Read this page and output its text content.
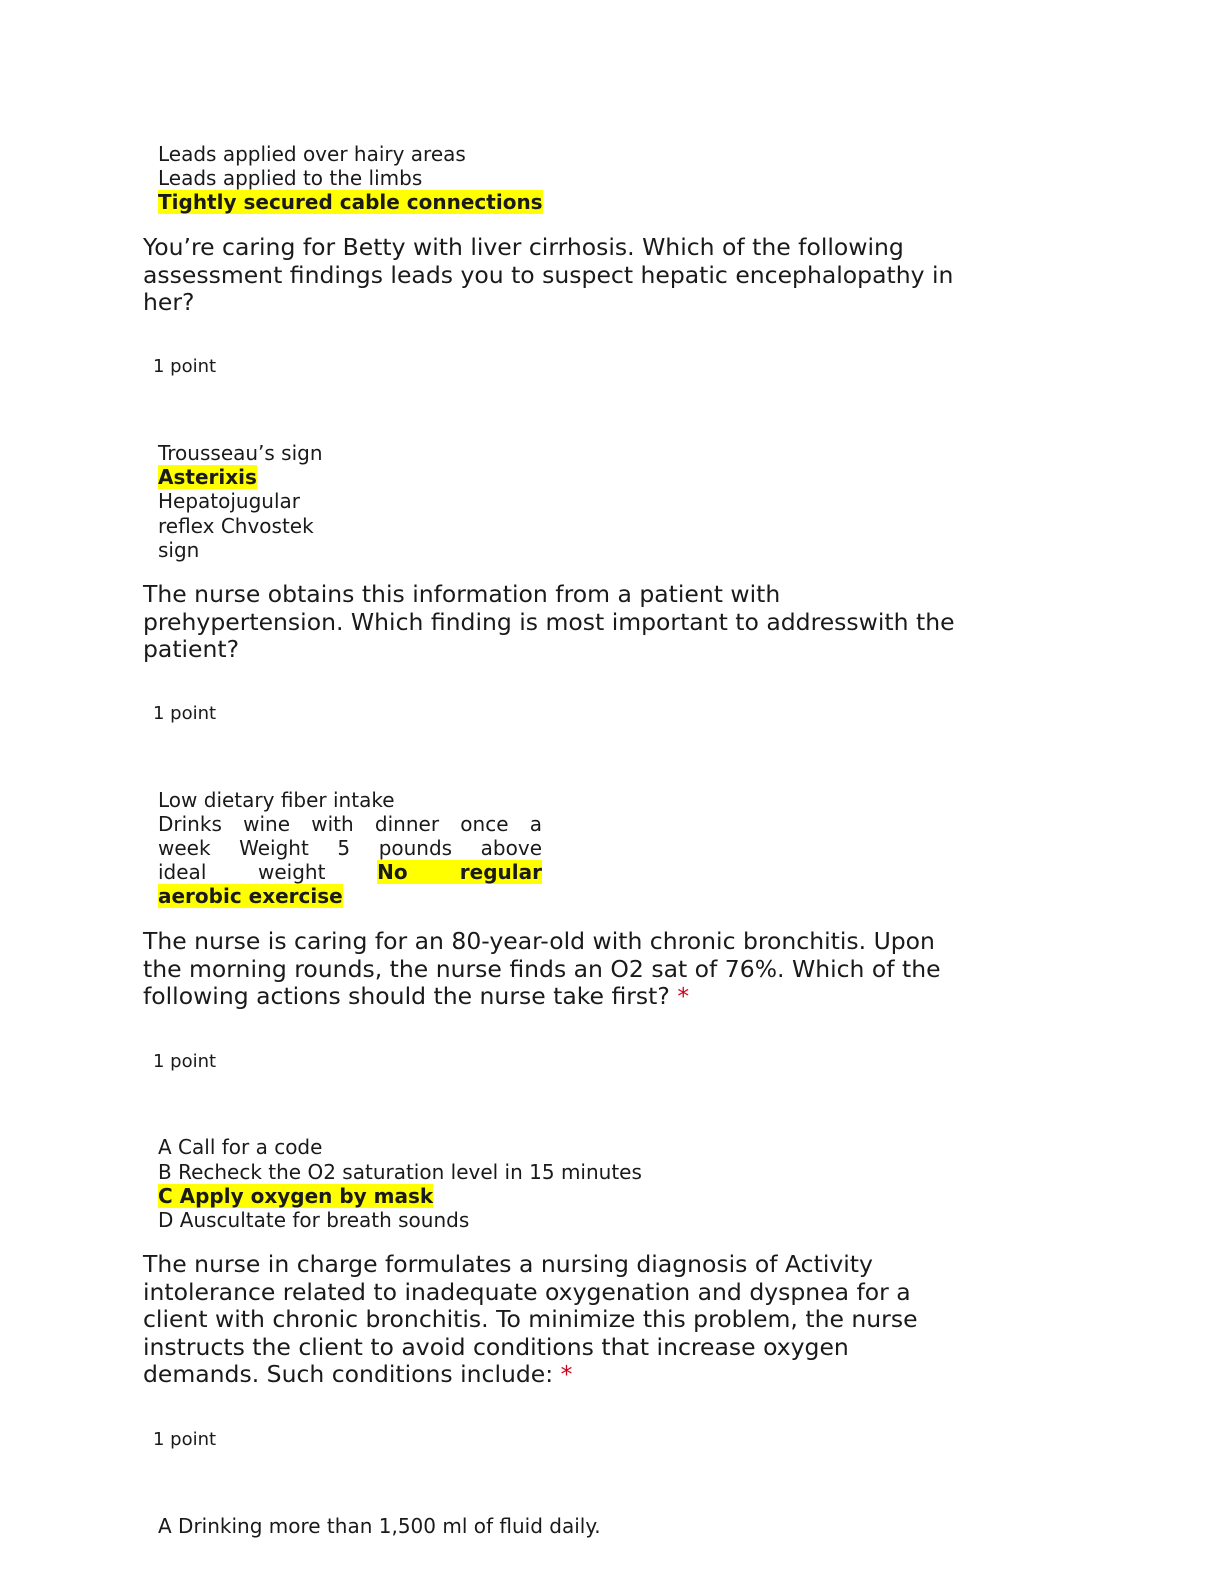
Leads applied over hairy areas

Leads applied to the limbs

Tightly secured cable connections

You’re caring for Betty with liver cirrhosis. Which of the following
assessment findings leads you to suspect hepatic encephalopathy in
her?

1 point

Trousseau’s sign

Asterixis

Hepatojugular

reflex Chvostek

sign

The nurse obtains this information from a patient with
prehypertension. Which finding is most important to addresswith the
patient?

1 point

Low dietary fiber intake
Drinks wine with dinner once a
week Weight 5 pounds above
ideal weight	No regular
aerobic exercise
The nurse is caring for an 80-year-old with chronic bronchitis. Upon
the morning rounds, the nurse finds an O2 sat of 76%. Which of the
following actions should the nurse take first? *

1 point

A Call for a code

B Recheck the O2 saturation level in 15 minutes

C Apply oxygen by mask

D Auscultate for breath sounds

The nurse in charge formulates a nursing diagnosis of Activity
intolerance related to inadequate oxygenation and dyspnea for a
client with chronic bronchitis. To minimize this problem, the nurse
instructs the client to avoid conditions that increase oxygen
demands. Such conditions include: *

1 point

A Drinking more than 1,500 ml of fluid daily.
